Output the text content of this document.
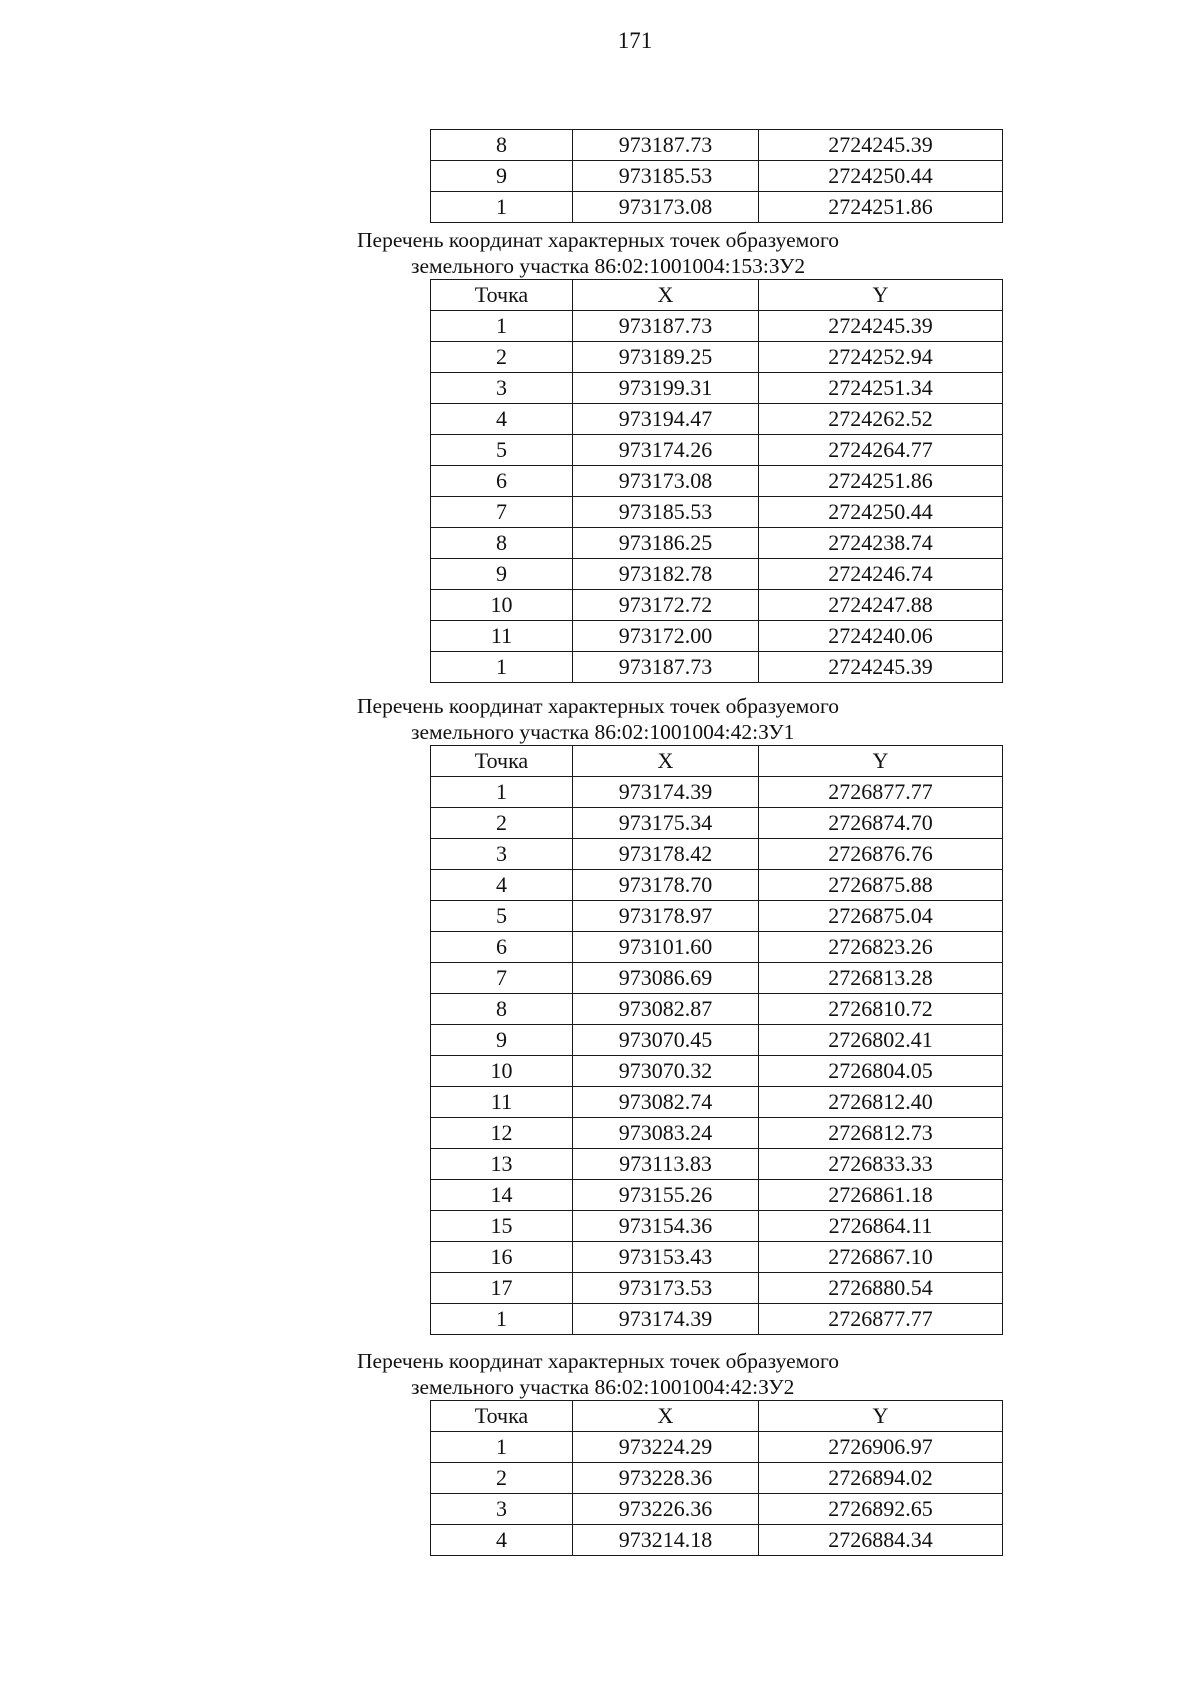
171
8	973187.73	2724245.39
9	973185.53	2724250.44
1	973173.08	2724251.86

Перечень координат характерных точек образуемого
земельного участка 86:02:1001004:153:ЗУ2

Точка	X	Y
1	973187.73	2724245.39
2	973189.25	2724252.94
3	973199.31	2724251.34
4	973194.47	2724262.52
5	973174.26	2724264.77
6	973173.08	2724251.86
7	973185.53	2724250.44
8	973186.25	2724238.74
9	973182.78	2724246.74
10	973172.72	2724247.88
11	973172.00	2724240.06
1	973187.73	2724245.39

Перечень координат характерных точек образуемого
земельного участка 86:02:1001004:42:ЗУ1

Точка	X	Y
1	973174.39	2726877.77
2	973175.34	2726874.70
3	973178.42	2726876.76
4	973178.70	2726875.88
5	973178.97	2726875.04
6	973101.60	2726823.26
7	973086.69	2726813.28
8	973082.87	2726810.72
9	973070.45	2726802.41
10	973070.32	2726804.05
11	973082.74	2726812.40
12	973083.24	2726812.73
13	973113.83	2726833.33
14	973155.26	2726861.18
15	973154.36	2726864.11
16	973153.43	2726867.10
17	973173.53	2726880.54
1	973174.39	2726877.77

Перечень координат характерных точек образуемого
земельного участка 86:02:1001004:42:ЗУ2

Точка	X	Y
1	973224.29	2726906.97
2	973228.36	2726894.02
3	973226.36	2726892.65
4	973214.18	2726884.34
